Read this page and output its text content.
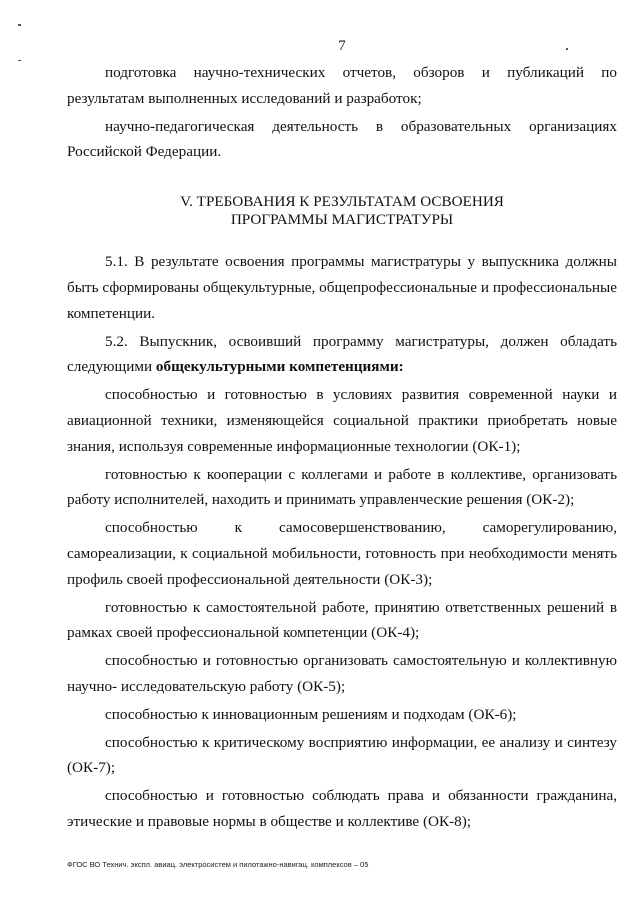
7

подготовка научно-технических отчетов, обзоров и публикаций по результатам выполненных исследований и разработок;

научно-педагогическая деятельность в образовательных организациях Российской Федерации.

V. ТРЕБОВАНИЯ К РЕЗУЛЬТАТАМ ОСВОЕНИЯ
ПРОГРАММЫ МАГИСТРАТУРЫ

5.1. В результате освоения программы магистратуры у выпускника должны быть сформированы общекультурные, общепрофессиональные и профессиональные компетенции.

5.2. Выпускник, освоивший программу магистратуры, должен обладать следующими общекультурными компетенциями:

способностью и готовностью в условиях развития современной науки и авиационной техники, изменяющейся социальной практики приобретать новые знания, используя современные информационные технологии (ОК-1);

готовностью к кооперации с коллегами и работе в коллективе, организовать работу исполнителей, находить и принимать управленческие решения (ОК-2);

способностью к самосовершенствованию, саморегулированию, самореализации, к социальной мобильности, готовность при необходимости менять профиль своей профессиональной деятельности (ОК-3);

готовностью к самостоятельной работе, принятию ответственных решений в рамках своей профессиональной компетенции (ОК-4);

способностью и готовностью организовать самостоятельную и коллективную научно- исследовательскую работу (ОК-5);

способностью к инновационным решениям и подходам (ОК-6);

способностью к критическому восприятию информации, ее анализу и синтезу (ОК-7);

способностью и готовностью соблюдать права и обязанности гражданина, этические и правовые нормы в обществе и коллективе (ОК-8);

ФГОС ВО Технич. экспл. авиац. электросистем и пилотажно-навигац. комплексов – 05
